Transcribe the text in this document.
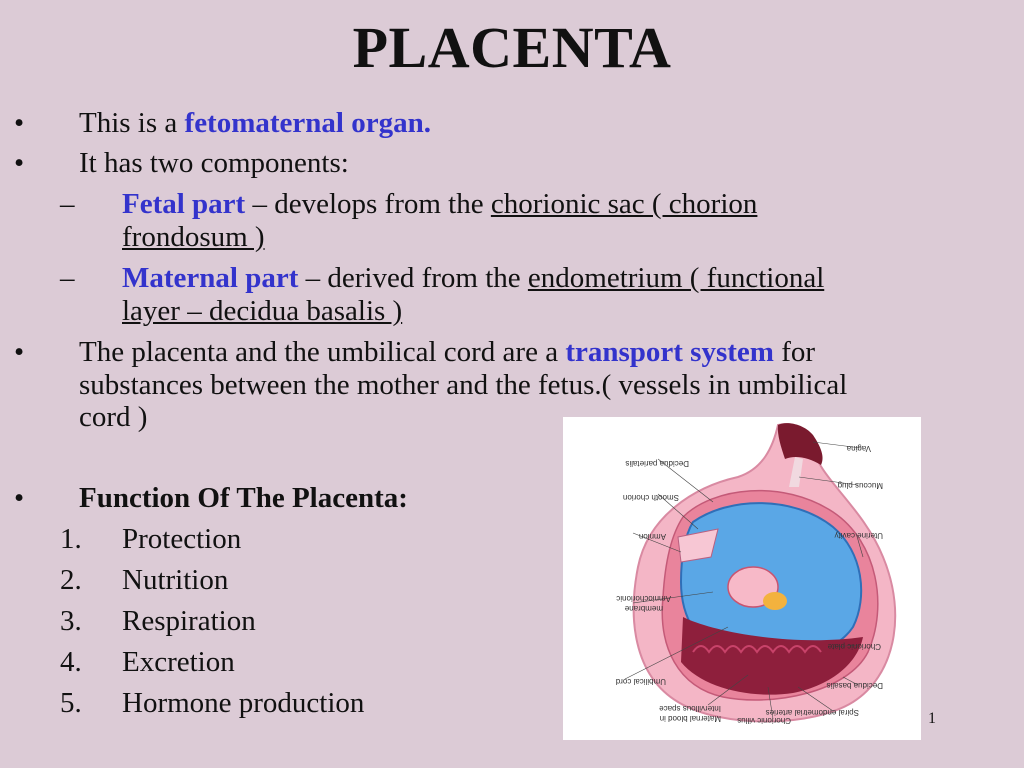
PLACENTA
• This is a fetomaternal organ.
• It has two components:
– Fetal part – develops from the chorionic sac ( chorion
frondosum )
– Maternal part – derived from the endometrium ( functional
layer – decidua basalis )
• The placenta and the umbilical cord are a transport system for
substances between the mother and the fetus.( vessels in umbilical
cord )
• Function Of The Placenta:
1. Protection
2. Nutrition
3. Respiration
4. Excretion
5. Hormone production
Decidua parietalis
Smooth chorion
Amnion
Amniochorionic
membrane
Umbilical cord
Intervillous space
Maternal blood in Chorionic villus
Spiral endometrial arteries
Decidua basalis
Chorionic plate
Uterine cavity
Mucous plug
Vagina
1
